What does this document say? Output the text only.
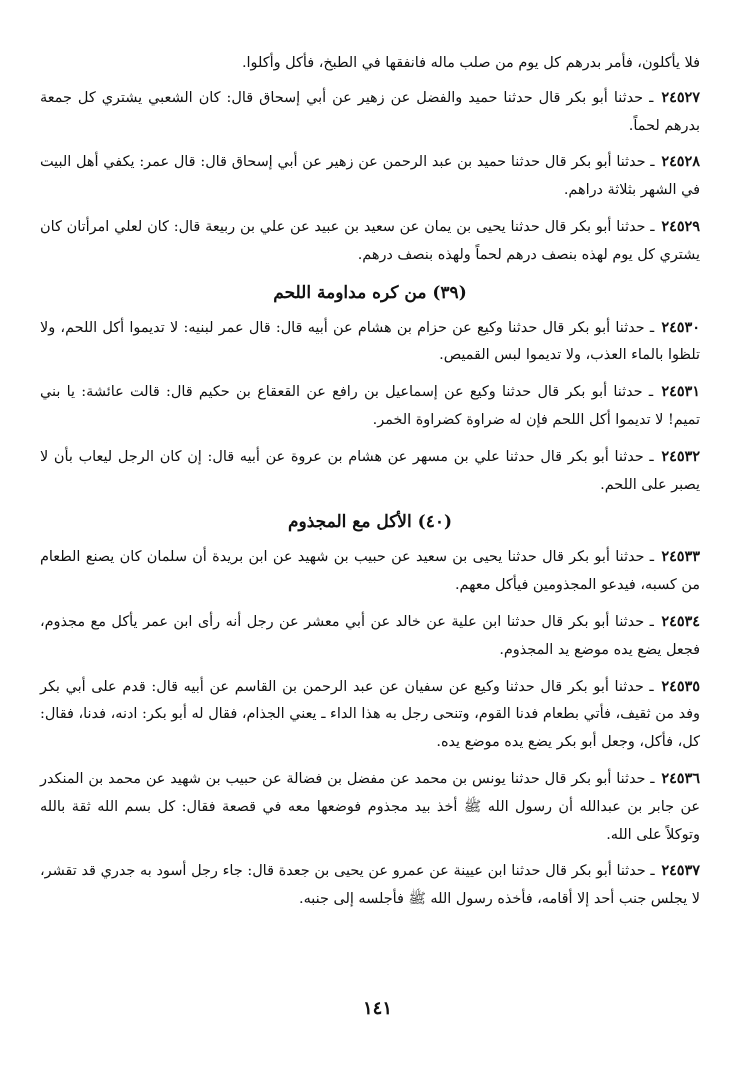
فلا يأكلون، فأمر بدرهم كل يوم من صلب ماله فانفقها في الطبخ، فأكل وأكلوا.

٢٤٥٢٧ ـ حدثنا أبو بكر قال حدثنا حميد والفضل عن زهير عن أبي إسحاق قال: كان الشعبي يشتري كل جمعة بدرهم لحماً.

٢٤٥٢٨ ـ حدثنا أبو بكر قال حدثنا حميد بن عبد الرحمن عن زهير عن أبي إسحاق قال: قال عمر: يكفي أهل البيت في الشهر بثلاثة دراهم.

٢٤٥٢٩ ـ حدثنا أبو بكر قال حدثنا يحيى بن يمان عن سعيد بن عبيد عن علي بن ربيعة قال: كان لعلي امرأتان كان يشتري كل يوم لهذه بنصف درهم لحماً ولهذه بنصف درهم.

(٣٩) من كره مداومة اللحم

٢٤٥٣٠ ـ حدثنا أبو بكر قال حدثنا وكيع عن حزام بن هشام عن أبيه قال: قال عمر لبنيه: لا تديموا أكل اللحم، ولا تلظوا بالماء العذب، ولا تديموا لبس القميص.

٢٤٥٣١ ـ حدثنا أبو بكر قال حدثنا وكيع عن إسماعيل بن رافع عن القعقاع بن حكيم قال: قالت عائشة: يا بني تميم! لا تديموا أكل اللحم فإن له ضراوة كضراوة الخمر.

٢٤٥٣٢ ـ حدثنا أبو بكر قال حدثنا علي بن مسهر عن هشام بن عروة عن أبيه قال: إن كان الرجل ليعاب بأن لا يصبر على اللحم.

(٤٠) الأكل مع المجذوم

٢٤٥٣٣ ـ حدثنا أبو بكر قال حدثنا يحيى بن سعيد عن حبيب بن شهيد عن ابن بريدة أن سلمان كان يصنع الطعام من كسبه، فيدعو المجذومين فيأكل معهم.

٢٤٥٣٤ ـ حدثنا أبو بكر قال حدثنا ابن علية عن خالد عن أبي معشر عن رجل أنه رأى ابن عمر يأكل مع مجذوم، فجعل يضع يده موضع يد المجذوم.

٢٤٥٣٥ ـ حدثنا أبو بكر قال حدثنا وكيع عن سفيان عن عبد الرحمن بن القاسم عن أبيه قال: قدم على أبي بكر وفد من ثقيف، فأتي بطعام فدنا القوم، وتنحى رجل به هذا الداء ـ يعني الجذام، فقال له أبو بكر: ادنه، فدنا، فقال: كل، فأكل، وجعل أبو بكر يضع يده موضع يده.

٢٤٥٣٦ ـ حدثنا أبو بكر قال حدثنا يونس بن محمد عن مفضل بن فضالة عن حبيب بن شهيد عن محمد بن المنكدر عن جابر بن عبدالله أن رسول الله ﷺ أخذ بيد مجذوم فوضعها معه في قصعة فقال: كل بسم الله ثقة بالله وتوكلاً على الله.

٢٤٥٣٧ ـ حدثنا أبو بكر قال حدثنا ابن عيينة عن عمرو عن يحيى بن جعدة قال: جاء رجل أسود به جدري قد تقشر، لا يجلس جنب أحد إلا أقامه، فأخذه رسول الله ﷺ فأجلسه إلى جنبه.

١٤١
